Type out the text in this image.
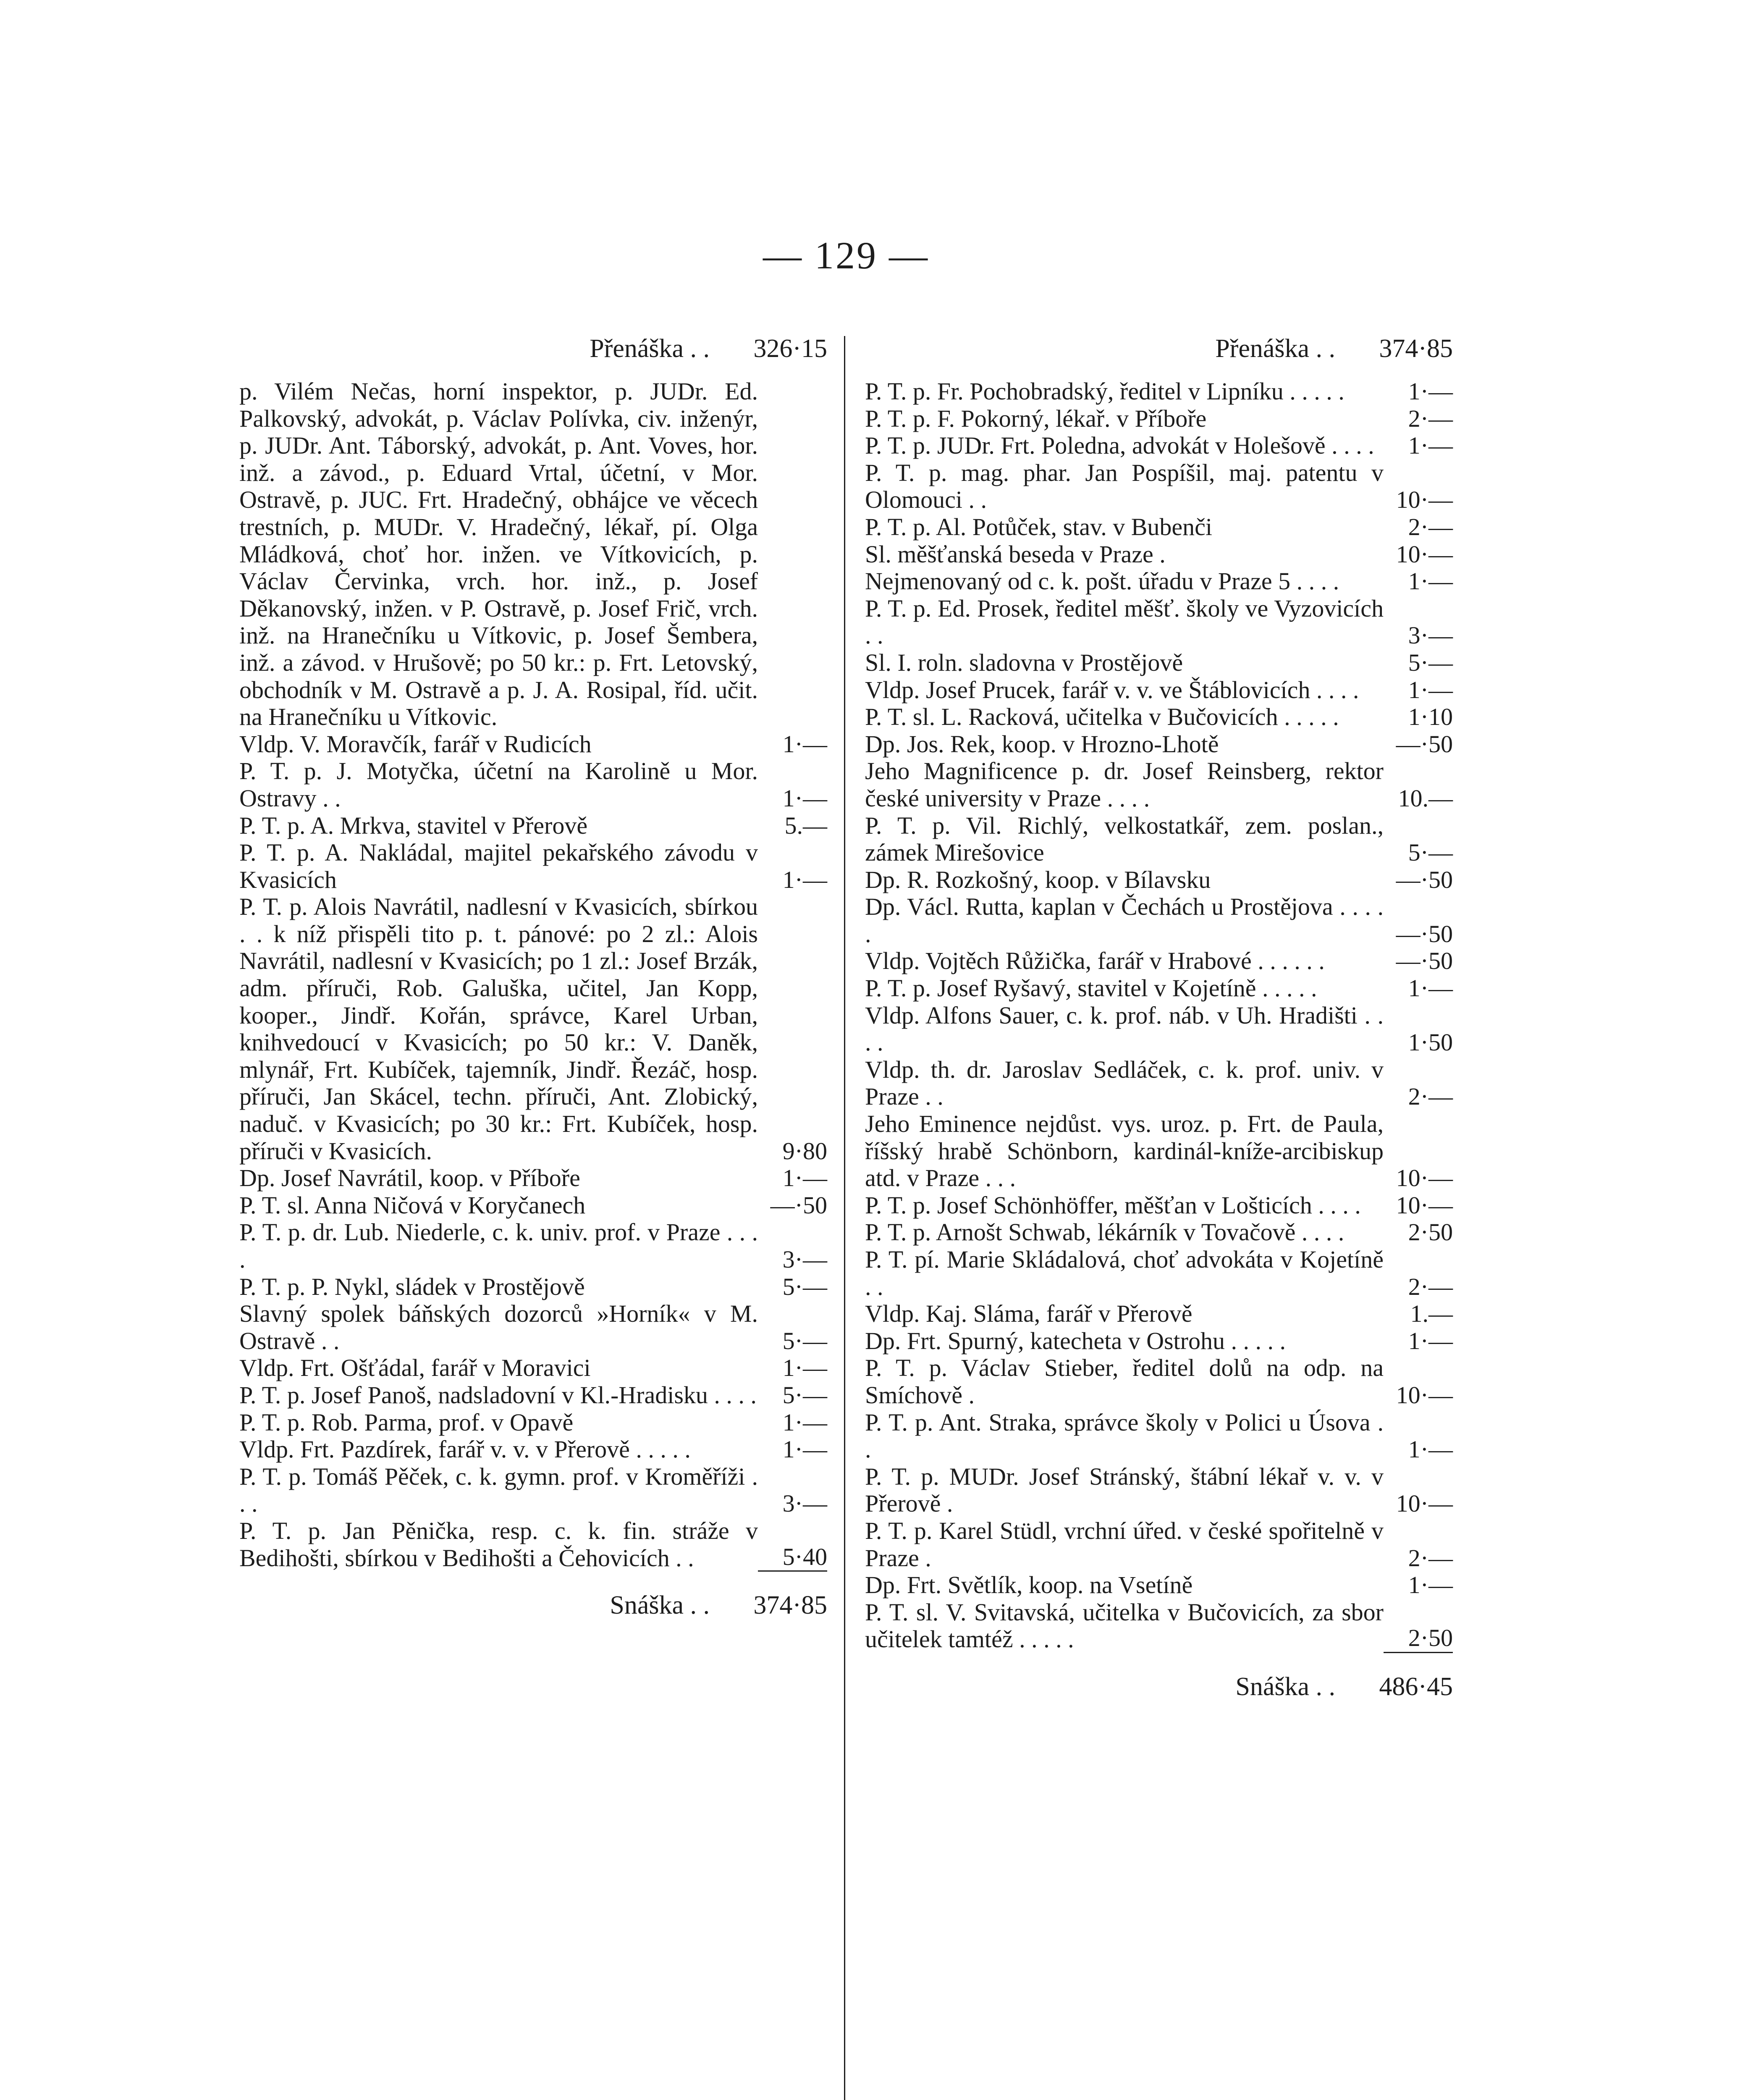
— 129 —
Přenáška . .	326·15
p. Vilém Nečas, horní inspektor, p. JUDr. Ed. Palkovský, advokát, p. Václav Polívka, civ. inženýr, p. JUDr. Ant. Táborský, advokát, p. Ant. Voves, hor. inž. a závod., p. Eduard Vrtal, účetní, v Mor. Ostravě, p. JUC. Frt. Hradečný, obhájce ve věcech trestních, p. MUDr. V. Hradečný, lékař, pí. Olga Mládková, choť hor. inžen. ve Vítkovicích, p. Václav Červinka, vrch. hor. inž., p. Josef Děkanovský, inžen. v P. Ostravě, p. Josef Frič, vrch. inž. na Hranečníku u Vítkovic, p. Josef Šembera, inž. a závod. v Hrušově; po 50 kr.: p. Frt. Letovský, obchodník v M. Ostravě a p. J. A. Rosipal, říd. učit. na Hranečníku u Vítkovic.
Vldp. V. Moravčík, farář v Rudicích	1·—
P. T. p. J. Motyčka, účetní na Karolině u Mor. Ostravy . .	1·—
P. T. p. A. Mrkva, stavitel v Přerově	5.—
P. T. p. A. Nakládal, majitel pekařského závodu v Kvasicích	1·—
P. T. p. Alois Navrátil, nadlesní v Kvasicích, sbírkou . . k níž přispěli tito p. t. pánové: po 2 zl.: Alois Navrátil, nadlesní v Kvasicích; po 1 zl.: Josef Brzák, adm. příruči, Rob. Galuška, učitel, Jan Kopp, kooper., Jindř. Kořán, správce, Karel Urban, knihvedoucí v Kvasicích; po 50 kr.: V. Daněk, mlynář, Frt. Kubíček, tajemník, Jindř. Řezáč, hosp. příruči, Jan Skácel, techn. příruči, Ant. Zlobický, naduč. v Kvasicích; po 30 kr.: Frt. Kubíček, hosp. příruči v Kvasicích.	9·80
Dp. Josef Navrátil, koop. v Příboře	1·—
P. T. sl. Anna Ničová v Koryčanech	—·50
P. T. p. dr. Lub. Niederle, c. k. univ. prof. v Praze . . . .	3·—
P. T. p. P. Nykl, sládek v Prostějově	5·—
Slavný spolek báňských dozorců »Horník« v M. Ostravě . .	5·—
Vldp. Frt. Ošťádal, farář v Moravici	1·—
P. T. p. Josef Panoš, nadsladovní v Kl.-Hradisku . . . .	5·—
P. T. p. Rob. Parma, prof. v Opavě	1·—
Vldp. Frt. Pazdírek, farář v. v. v Přerově . . . . .	1·—
P. T. p. Tomáš Pěček, c. k. gymn. prof. v Kroměříži . . .	3·—
P. T. p. Jan Pěnička, resp. c. k. fin. stráže v Bedihošti, sbírkou v Bedihošti a Čehovicích . .	5·40
Snáška . .	374·85
Přenáška . .	374·85
P. T. p. Fr. Pochobradský, ředitel v Lipníku . . . . .	1·—
P. T. p. F. Pokorný, lékař. v Příboře	2·—
P. T. p. JUDr. Frt. Poledna, advokát v Holešově . . . .	1·—
P. T. p. mag. phar. Jan Pospíšil, maj. patentu v Olomouci . .	10·—
P. T. p. Al. Potůček, stav. v Bubenči	2·—
Sl. měšťanská beseda v Praze .	10·—
Nejmenovaný od c. k. pošt. úřadu v Praze 5 . . . .	1·—
P. T. p. Ed. Prosek, ředitel měšť. školy ve Vyzovicích . .	3·—
Sl. I. roln. sladovna v Prostějově	5·—
Vldp. Josef Prucek, farář v. v. ve Štáblovicích . . . .	1·—
P. T. sl. L. Racková, učitelka v Bučovicích . . . . .	1·10
Dp. Jos. Rek, koop. v Hrozno-Lhotě	—·50
Jeho Magnificence p. dr. Josef Reinsberg, rektor české university v Praze . . . .	10.—
P. T. p. Vil. Richlý, velkostatkář, zem. poslan., zámek Mirešovice	5·—
Dp. R. Rozkošný, koop. v Bílavsku	—·50
Dp. Václ. Rutta, kaplan v Čechách u Prostějova . . . . .	—·50
Vldp. Vojtěch Růžička, farář v Hrabové . . . . . .	—·50
P. T. p. Josef Ryšavý, stavitel v Kojetíně . . . . .	1·—
Vldp. Alfons Sauer, c. k. prof. náb. v Uh. Hradišti . . . .	1·50
Vldp. th. dr. Jaroslav Sedláček, c. k. prof. univ. v Praze . .	2·—
Jeho Eminence nejdůst. vys. uroz. p. Frt. de Paula, říšský hrabě Schönborn, kardinál-kníže-arcibiskup atd. v Praze . . .	10·—
P. T. p. Josef Schönhöffer, měšťan v Lošticích . . . .	10·—
P. T. p. Arnošt Schwab, lékárník v Tovačově . . . .	2·50
P. T. pí. Marie Skládalová, choť advokáta v Kojetíně . .	2·—
Vldp. Kaj. Sláma, farář v Přerově	1.—
Dp. Frt. Spurný, katecheta v Ostrohu . . . . .	1·—
P. T. p. Václav Stieber, ředitel dolů na odp. na Smíchově .	10·—
P. T. p. Ant. Straka, správce školy v Polici u Úsova . .	1·—
P. T. p. MUDr. Josef Stránský, štábní lékař v. v. v Přerově .	10·—
P. T. p. Karel Stüdl, vrchní úřed. v české spořitelně v Praze .	2·—
Dp. Frt. Světlík, koop. na Vsetíně	1·—
P. T. sl. V. Svitavská, učitelka v Bučovicích, za sbor učitelek tamtéž . . . . .	2·50
Snáška . .	486·45
